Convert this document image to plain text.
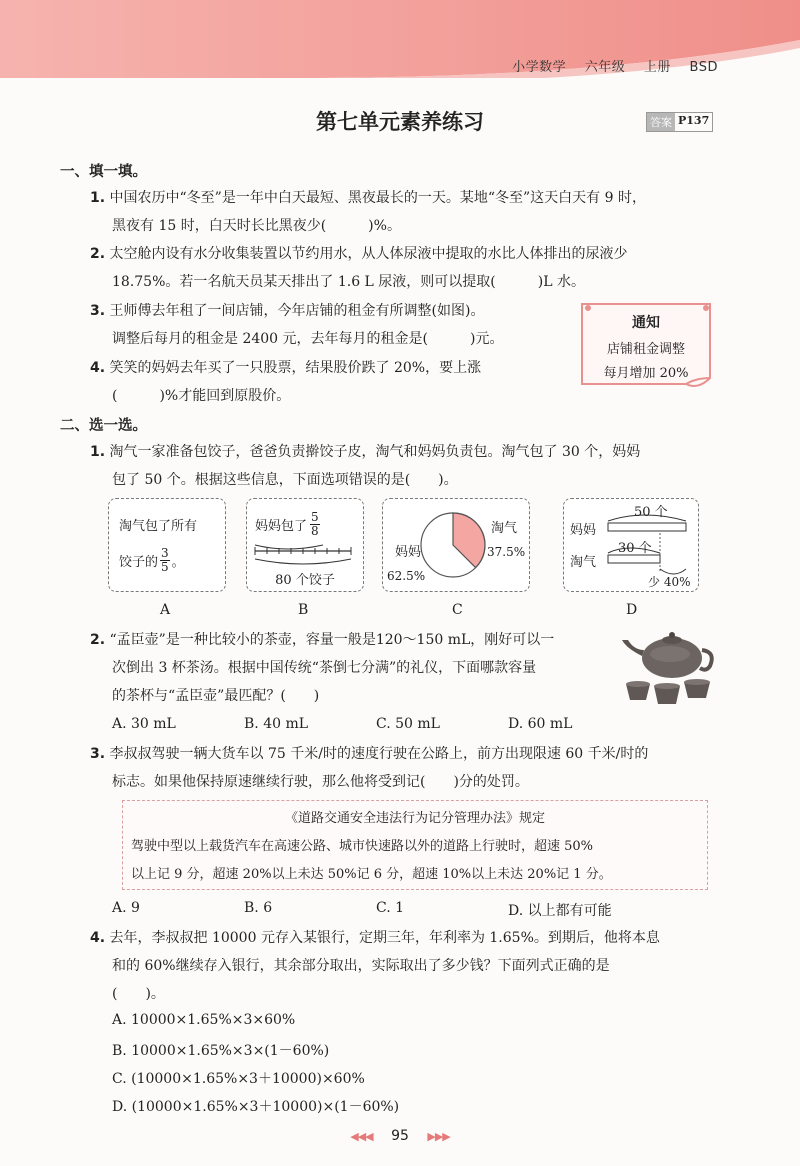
小学数学 六年级 上册 BSD
第七单元素养练习	答案 P137
一、填一填。
1. 中国农历中“冬至”是一年中白天最短、黑夜最长的一天。某地“冬至”这天白天有 9 时，
黑夜有 15 时，白天时长比黑夜少(　　　)%。
2. 太空舱内设有水分收集装置以节约用水，从人体尿液中提取的水比人体排出的尿液少
18.75%。若一名航天员某天排出了 1.6 L 尿液，则可以提取(　　　)L 水。
3. 王师傅去年租了一间店铺，今年店铺的租金有所调整(如图)。
调整后每月的租金是 2400 元，去年每月的租金是(　　　)元。
4. 笑笑的妈妈去年买了一只股票，结果股价跌了 20%，要上涨
(　　　)%才能回到原股价。
通知
店铺租金调整
每月增加 20%
二、选一选。
1. 淘气一家准备包饺子，爸爸负责擀饺子皮，淘气和妈妈负责包。淘气包了 30 个，妈妈
包了 50 个。根据这些信息，下面选项错误的是(　　)。
淘气包了所有
饺子的 $\frac{3}{5}$ 。
A
妈妈包了 $\frac{5}{8}$
80 个饺子
B
妈妈
62.5%
淘气
37.5%
C
妈妈
50 个
淘气
30 个
少 40%
D
2. “孟臣壶”是一种比较小的茶壶，容量一般是120～150 mL，刚好可以一
次倒出 3 杯茶汤。根据中国传统“茶倒七分满”的礼仪，下面哪款容量
的茶杯与“孟臣壶”最匹配？(　　)
A. 30 mL	B. 40 mL	C. 50 mL	D. 60 mL
3. 李叔叔驾驶一辆大货车以 75 千米/时的速度行驶在公路上，前方出现限速 60 千米/时的
标志。如果他保持原速继续行驶，那么他将受到记(　　)分的处罚。
《道路交通安全违法行为记分管理办法》规定
驾驶中型以上载货汽车在高速公路、城市快速路以外的道路上行驶时，超速 50%
以上记 9 分，超速 20%以上未达 50%记 6 分，超速 10%以上未达 20%记 1 分。
A. 9	B. 6	C. 1	D. 以上都有可能
4. 去年，李叔叔把 10000 元存入某银行，定期三年，年利率为 1.65%。到期后，他将本息
和的 60%继续存入银行，其余部分取出，实际取出了多少钱？下面列式正确的是
(　　)。
A. 10000×1.65%×3×60%
B. 10000×1.65%×3×(1－60%)
C. (10000×1.65%×3＋10000)×60%
D. (10000×1.65%×3＋10000)×(1－60%)
◀◀◀ 95 ▶▶▶
